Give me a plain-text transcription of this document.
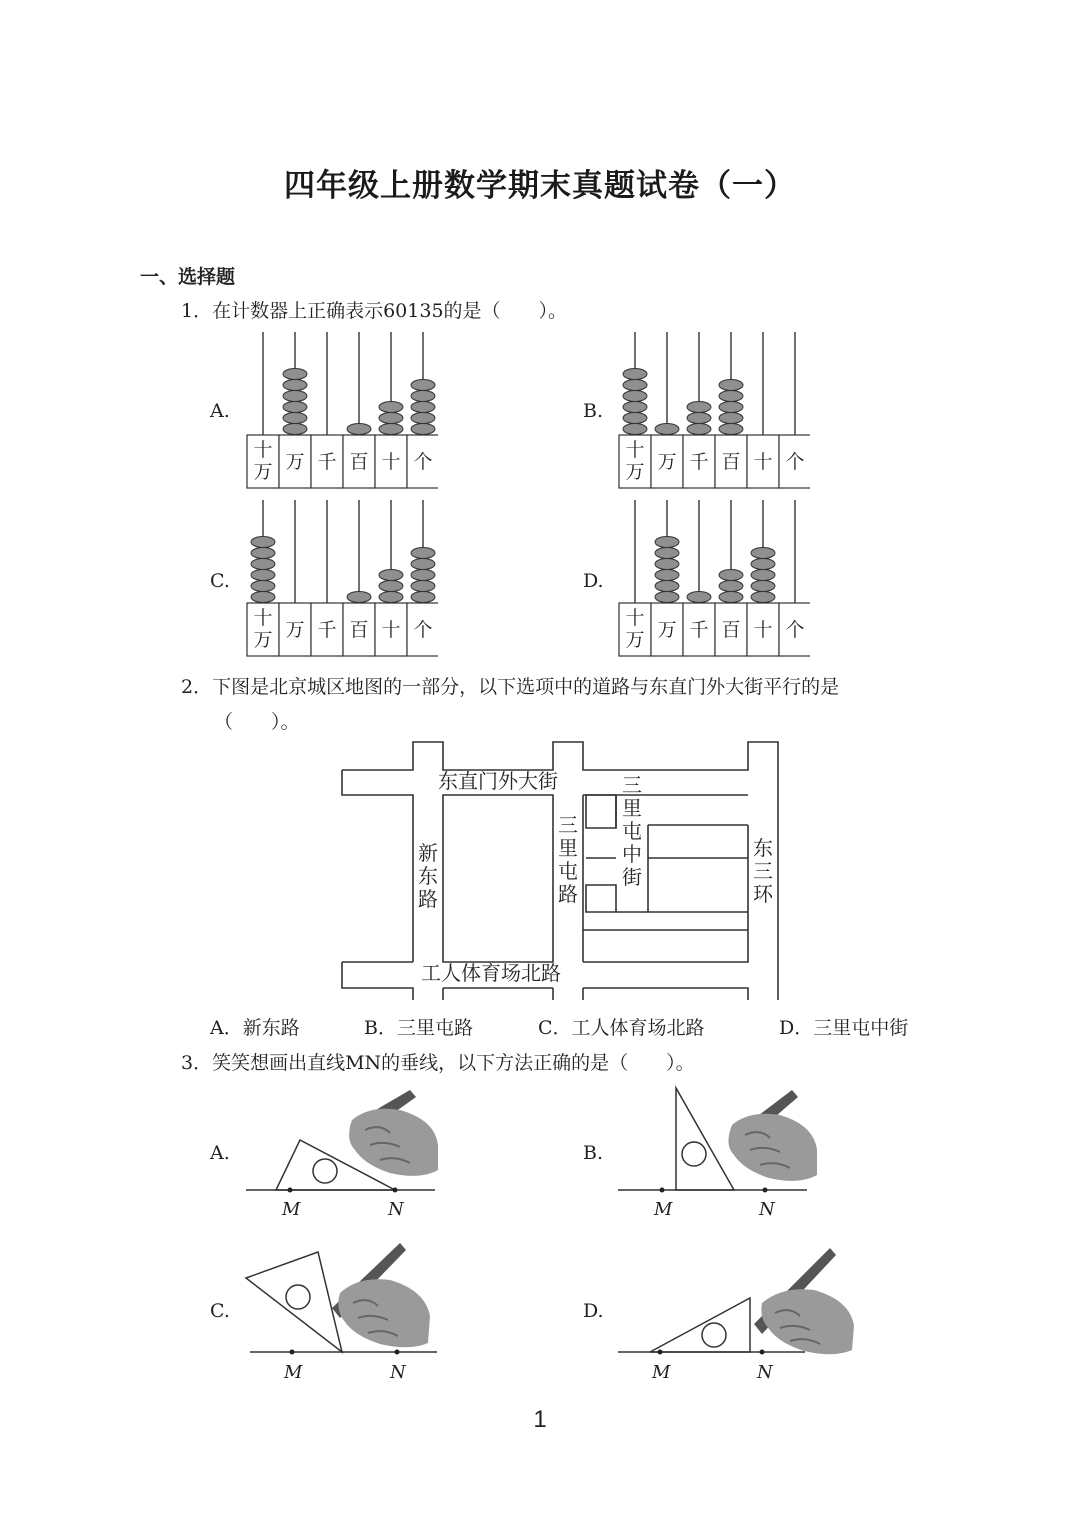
四年级上册数学期末真题试卷（一）
一、选择题
1．在计数器上正确表示60135的是（　　）。
A.	B.
C.	D.
十万 万 千 百 十 个
十万 万 千 百 十 个
十万 万 千 百 十 个
十万 万 千 百 十 个
2．下图是北京城区地图的一部分，以下选项中的道路与东直门外大街平行的是
（　　）。
东直门外大街
工人体育场北路
新东路
三里屯路
三里屯中街
东三环
A．新东路	B．三里屯路	C．工人体育场北路	D．三里屯中街
3．笑笑想画出直线MN的垂线，以下方法正确的是（　　）。
A.	B.
C.	D.
M	N	M	N
M	N	M	N
1
